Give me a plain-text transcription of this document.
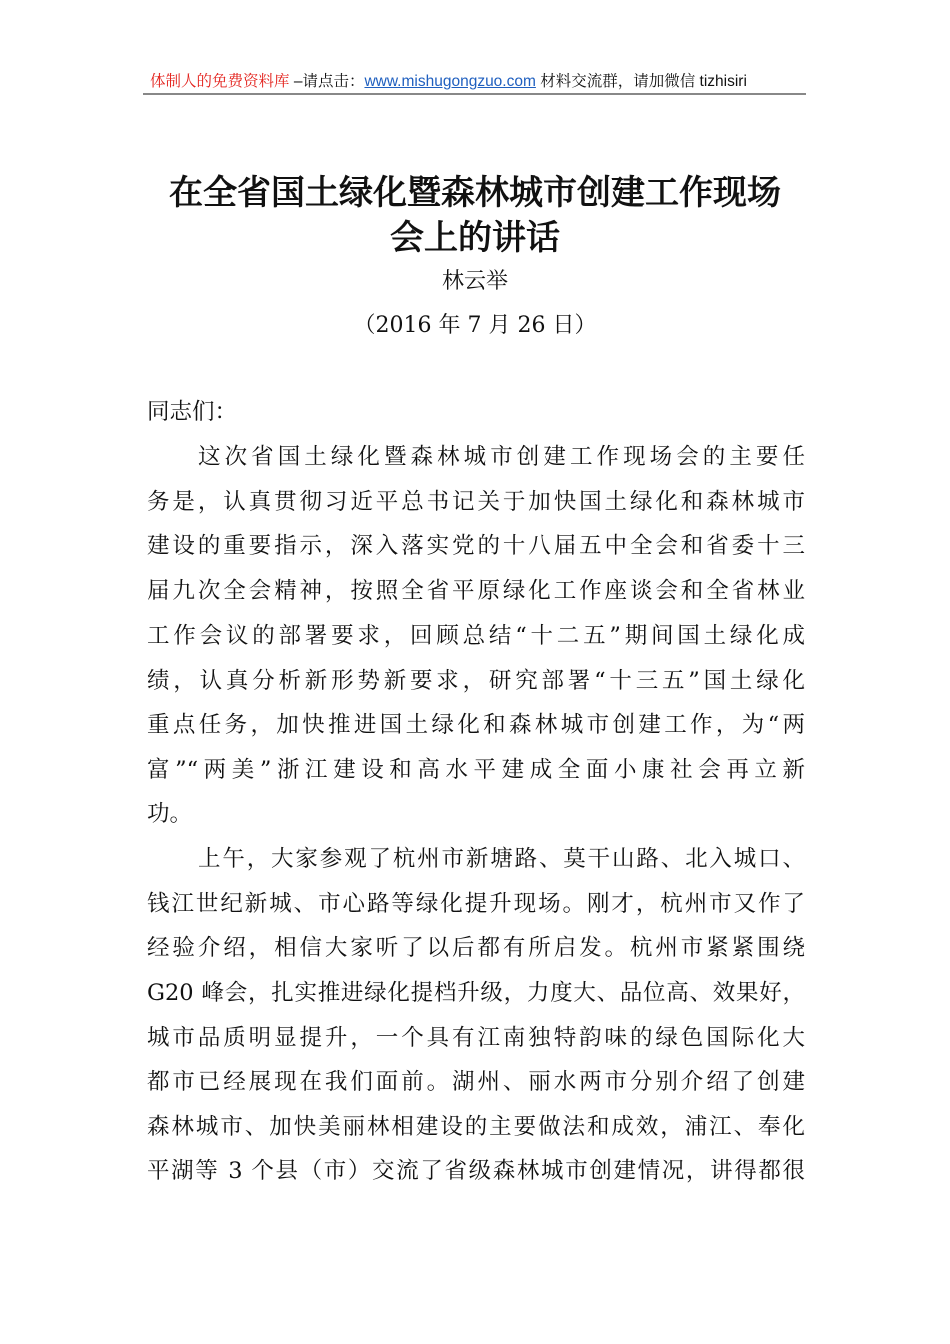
体制人的免费资料库 –请点击：www.mishugongzuo.com 材料交流群，请加微信 tizhisiri
在全省国土绿化暨森林城市创建工作现场
会上的讲话
林云举
（2016 年 7 月 26 日）
同志们：
这次省国土绿化暨森林城市创建工作现场会的主要任
务是，认真贯彻习近平总书记关于加快国土绿化和森林城市
建设的重要指示，深入落实党的十八届五中全会和省委十三
届九次全会精神，按照全省平原绿化工作座谈会和全省林业
工作会议的部署要求，回顾总结“十二五”期间国土绿化成
绩，认真分析新形势新要求，研究部署“十三五”国土绿化
重点任务，加快推进国土绿化和森林城市创建工作，为“两
富”“两美”浙江建设和高水平建成全面小康社会再立新
功。
上午，大家参观了杭州市新塘路、莫干山路、北入城口、
钱江世纪新城、市心路等绿化提升现场。刚才，杭州市又作了
经验介绍，相信大家听了以后都有所启发。杭州市紧紧围绕
G20 峰会，扎实推进绿化提档升级，力度大、品位高、效果好，
城市品质明显提升，一个具有江南独特韵味的绿色国际化大
都市已经展现在我们面前。湖州、丽水两市分别介绍了创建
森林城市、加快美丽林相建设的主要做法和成效，浦江、奉化
平湖等 3 个县（市）交流了省级森林城市创建情况，讲得都很
